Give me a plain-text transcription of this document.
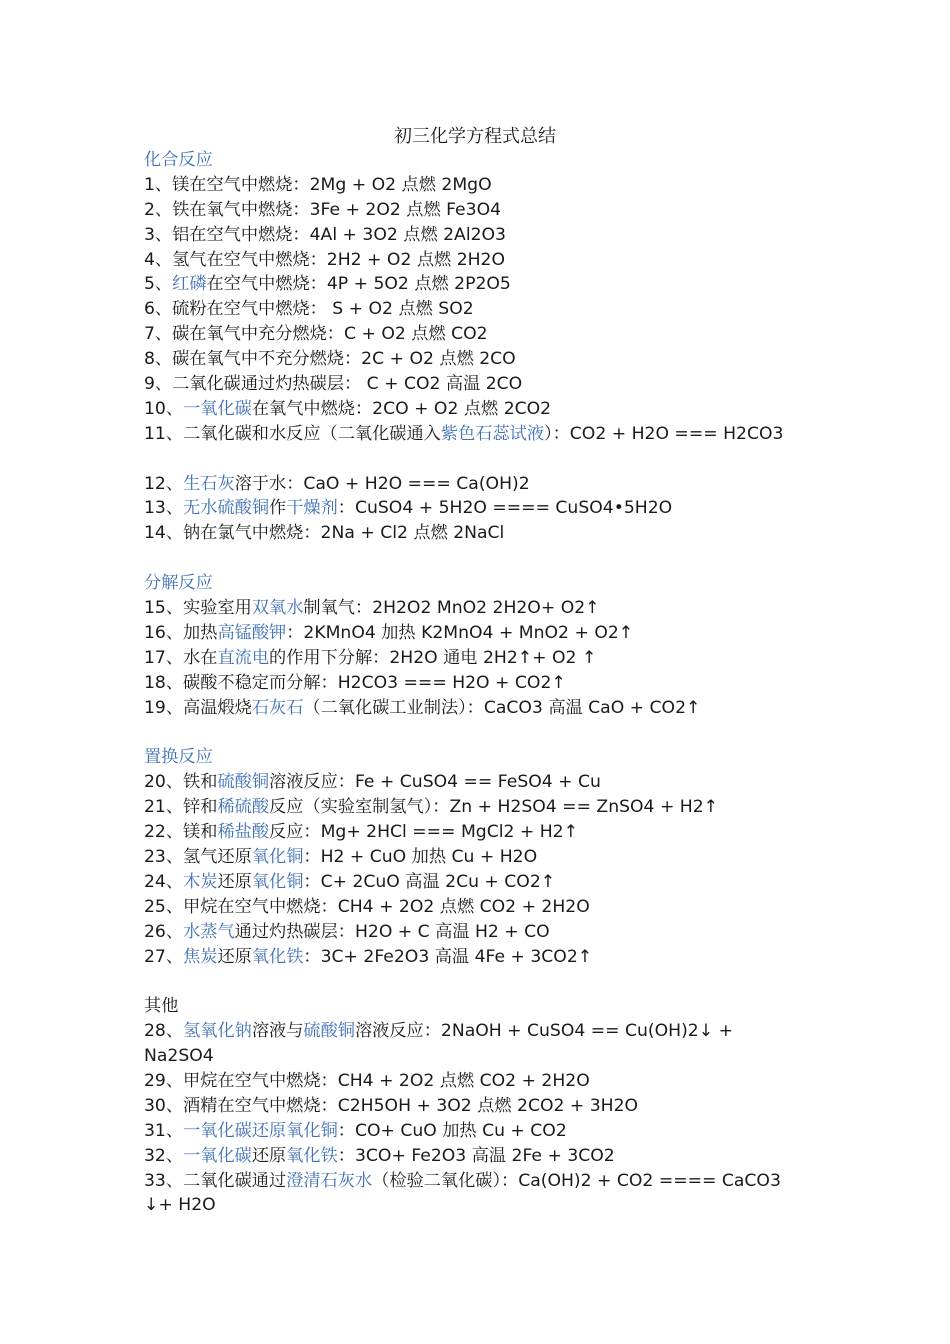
初三化学方程式总结
化合反应
1、镁在空气中燃烧：2Mg + O2 点燃 2MgO
2、铁在氧气中燃烧：3Fe + 2O2 点燃 Fe3O4
3、铝在空气中燃烧：4Al + 3O2 点燃 2Al2O3
4、氢气在空气中燃烧：2H2 + O2 点燃 2H2O
5、红磷在空气中燃烧：4P + 5O2 点燃 2P2O5
6、硫粉在空气中燃烧： S + O2 点燃 SO2
7、碳在氧气中充分燃烧：C + O2 点燃 CO2
8、碳在氧气中不充分燃烧：2C + O2 点燃 2CO
9、二氧化碳通过灼热碳层： C + CO2 高温 2CO
10、一氧化碳在氧气中燃烧：2CO + O2 点燃 2CO2
11、二氧化碳和水反应（二氧化碳通入紫色石蕊试液）：CO2 + H2O === H2CO3
12、生石灰溶于水：CaO + H2O === Ca(OH)2
13、无水硫酸铜作干燥剂：CuSO4 + 5H2O ==== CuSO4•5H2O
14、钠在氯气中燃烧：2Na + Cl2 点燃 2NaCl
分解反应
15、实验室用双氧水制氧气：2H2O2 MnO2 2H2O+ O2↑
16、加热高锰酸钾：2KMnO4 加热 K2MnO4 + MnO2 + O2↑
17、水在直流电的作用下分解：2H2O 通电 2H2↑+ O2 ↑
18、碳酸不稳定而分解：H2CO3 === H2O + CO2↑
19、高温煅烧石灰石（二氧化碳工业制法）：CaCO3 高温 CaO + CO2↑
置换反应
20、铁和硫酸铜溶液反应：Fe + CuSO4 == FeSO4 + Cu
21、锌和稀硫酸反应（实验室制氢气）：Zn + H2SO4 == ZnSO4 + H2↑
22、镁和稀盐酸反应：Mg+ 2HCl === MgCl2 + H2↑
23、氢气还原氧化铜：H2 + CuO 加热 Cu + H2O
24、木炭还原氧化铜：C+ 2CuO 高温 2Cu + CO2↑
25、甲烷在空气中燃烧：CH4 + 2O2 点燃 CO2 + 2H2O
26、水蒸气通过灼热碳层：H2O + C 高温 H2 + CO
27、焦炭还原氧化铁：3C+ 2Fe2O3 高温 4Fe + 3CO2↑
其他
28、氢氧化钠溶液与硫酸铜溶液反应：2NaOH + CuSO4 == Cu(OH)2↓ +
Na2SO4
29、甲烷在空气中燃烧：CH4 + 2O2 点燃 CO2 + 2H2O
30、酒精在空气中燃烧：C2H5OH + 3O2 点燃 2CO2 + 3H2O
31、一氧化碳还原氧化铜：CO+ CuO 加热 Cu + CO2
32、一氧化碳还原氧化铁：3CO+ Fe2O3 高温 2Fe + 3CO2
33、二氧化碳通过澄清石灰水（检验二氧化碳）：Ca(OH)2 + CO2 ==== CaCO3
↓+ H2O
